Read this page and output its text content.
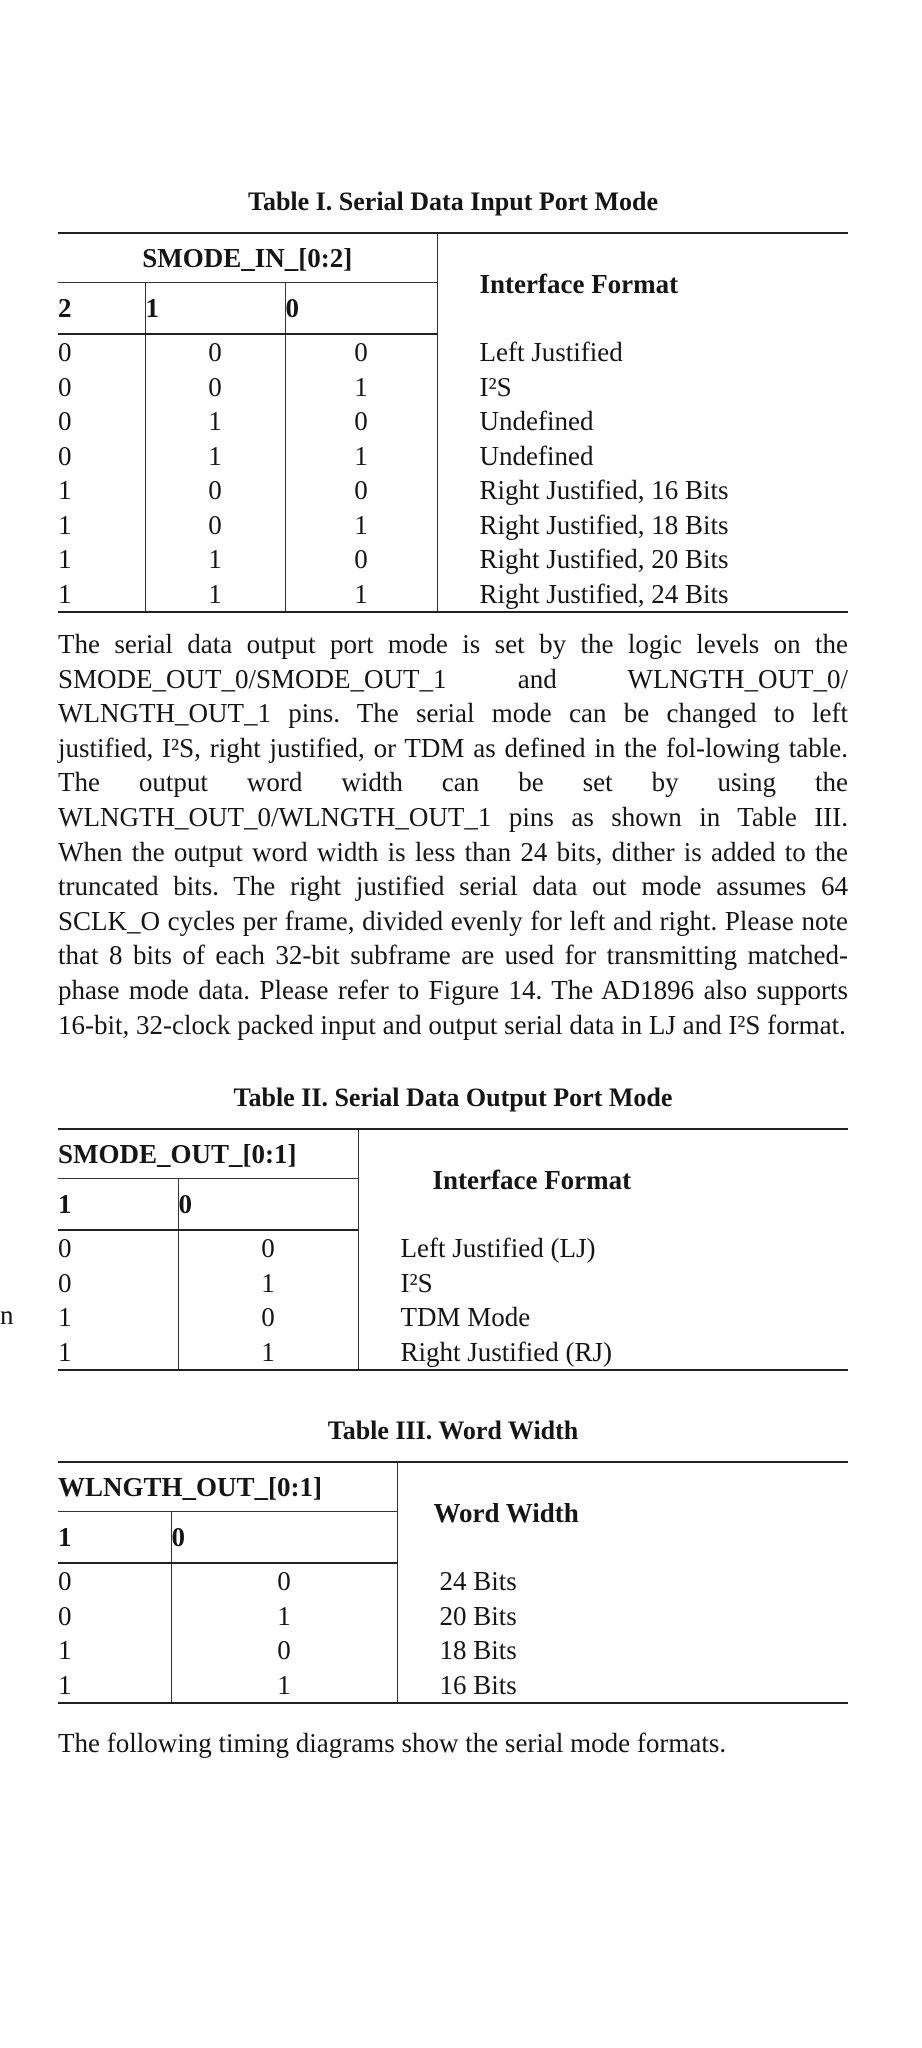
n
Table I. Serial Data Input Port Mode
SMODE_IN_[0:2]			Interface Format
2	1	0	
0	0	0	Left Justified
0	0	1	I²S
0	1	0	Undefined
0	1	1	Undefined
1	0	0	Right Justified, 16 Bits
1	0	1	Right Justified, 18 Bits
1	1	0	Right Justified, 20 Bits
1	1	1	Right Justified, 24 Bits

The serial data output port mode is set by the logic levels on the SMODE_OUT_0/SMODE_OUT_1 and WLNGTH_OUT_0/ WLNGTH_OUT_1 pins. The serial mode can be changed to left justified, I²S, right justified, or TDM as defined in the fol-lowing table. The output word width can be set by using the WLNGTH_OUT_0/WLNGTH_OUT_1 pins as shown in Table III. When the output word width is less than 24 bits, dither is added to the truncated bits. The right justified serial data out mode assumes 64 SCLK_O cycles per frame, divided evenly for left and right. Please note that 8 bits of each 32-bit subframe are used for transmitting matched-phase mode data. Please refer to Figure 14. The AD1896 also supports 16-bit, 32-clock packed input and output serial data in LJ and I²S format.

Table II. Serial Data Output Port Mode
SMODE_OUT_[0:1]		Interface Format
1	0	
0	0	Left Justified (LJ)
0	1	I²S
1	0	TDM Mode
1	1	Right Justified (RJ)
Table III. Word Width
WLNGTH_OUT_[0:1]		Word Width
1	0	
0	0	24 Bits
0	1	20 Bits
1	0	18 Bits
1	1	16 Bits

The following timing diagrams show the serial mode formats.
